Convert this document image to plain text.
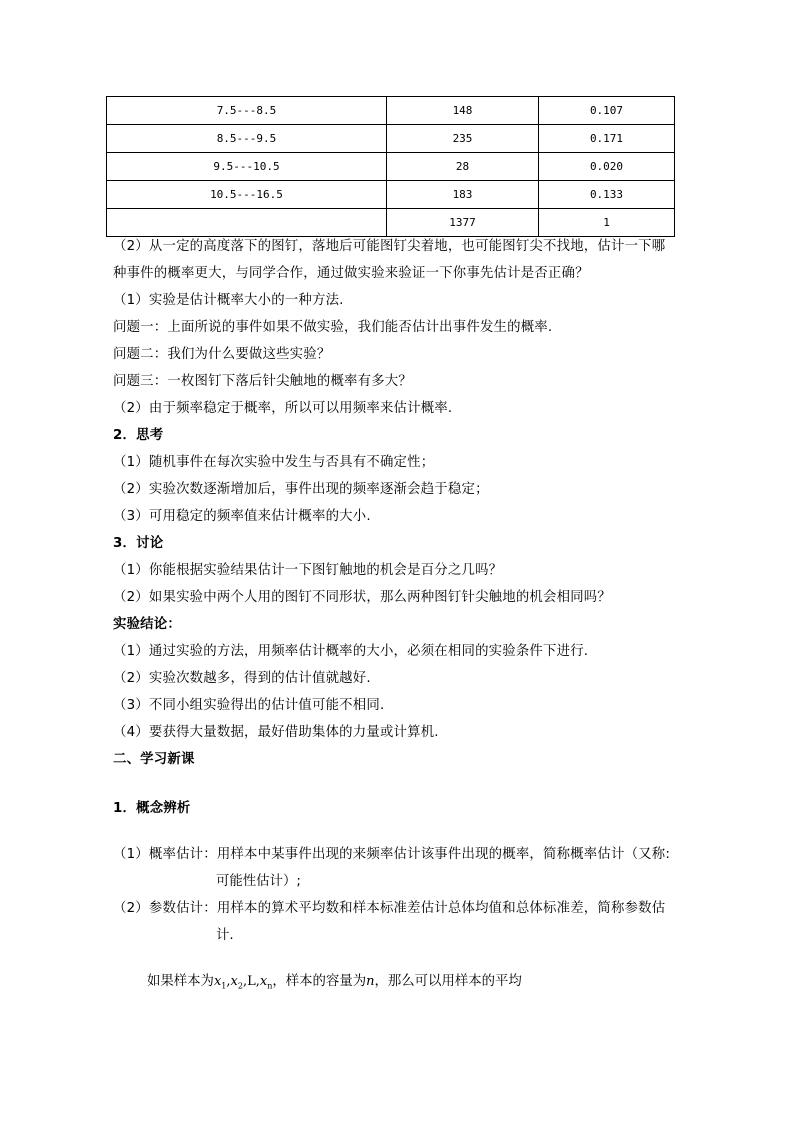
7.5---8.5	148	0.107
8.5---9.5	235	0.171
9.5---10.5	28	0.020
10.5---16.5	183	0.133
	1377	1
（2）从一定的高度落下的图钉，落地后可能图钉尖着地，也可能图钉尖不找地，估计一下哪
种事件的概率更大，与同学合作，通过做实验来验证一下你事先估计是否正确？
（1）实验是估计概率大小的一种方法.
问题一：上面所说的事件如果不做实验，我们能否估计出事件发生的概率.
问题二：我们为什么要做这些实验？
问题三：一枚图钉下落后针尖触地的概率有多大？
（2）由于频率稳定于概率，所以可以用频率来估计概率.
2．思考
（1）随机事件在每次实验中发生与否具有不确定性；
（2）实验次数逐渐增加后，事件出现的频率逐渐会趋于稳定；
（3）可用稳定的频率值来估计概率的大小.
3．讨论
（1）你能根据实验结果估计一下图钉触地的机会是百分之几吗？
（2）如果实验中两个人用的图钉不同形状，那么两种图钉针尖触地的机会相同吗？
实验结论：
（1）通过实验的方法，用频率估计概率的大小，必须在相同的实验条件下进行.
（2）实验次数越多，得到的估计值就越好.
（3）不同小组实验得出的估计值可能不相同.
（4）要获得大量数据，最好借助集体的力量或计算机.
二、学习新课
1．概念辨析
（1）概率估计：用样本中某事件出现的来频率估计该事件出现的概率，简称概率估计（又称:
可能性估计）;
（2）参数估计：用样本的算术平均数和样本标准差估计总体均值和总体标准差，简称参数估
计.
如果样本为$x_1,x_2,L,x_n$，样本的容量为n，那么可以用样本的平均
